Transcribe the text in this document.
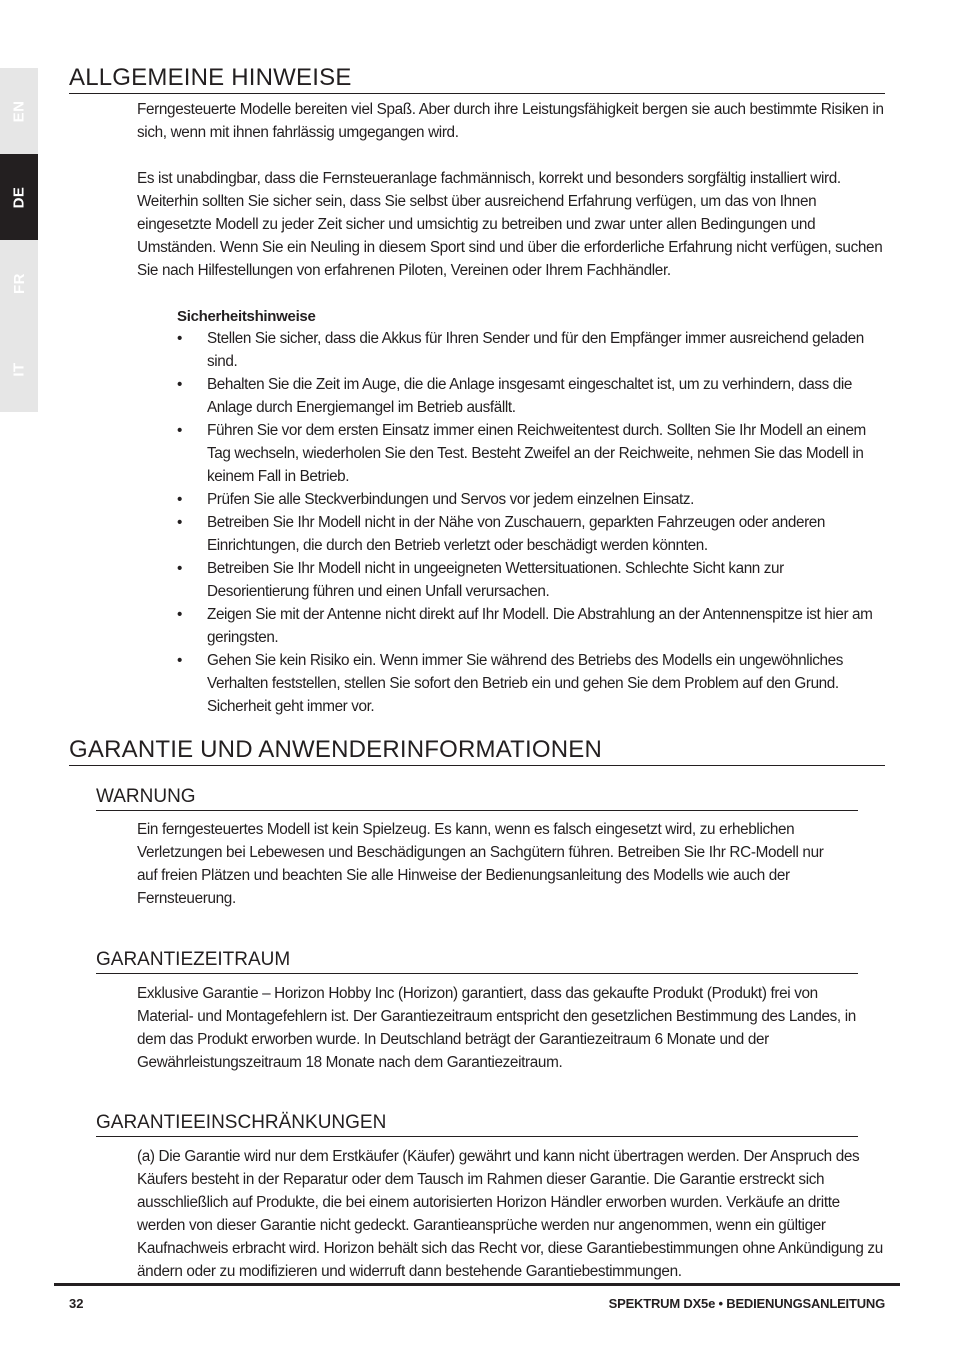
EN
DE
FR
IT
ALLGEMEINE HINWEISE

Ferngesteuerte Modelle bereiten viel Spaß. Aber durch ihre Leistungsfähigkeit bergen sie auch bestimmte Risiken in sich, wenn mit ihnen fahrlässig umgegangen wird.

Es ist unabdingbar, dass die Fernsteueranlage fachmännisch, korrekt und besonders sorgfältig installiert wird. Weiterhin sollten Sie sicher sein, dass Sie selbst über ausreichend Erfahrung verfügen, um das von Ihnen eingesetzte Modell zu jeder Zeit sicher und umsichtig zu betreiben und zwar unter allen Bedingungen und Umständen. Wenn Sie ein Neuling in diesem Sport sind und über die erforderliche Erfahrung nicht verfügen, suchen Sie nach Hilfestellungen von erfahrenen Piloten, Vereinen oder Ihrem Fachhändler.

Sicherheitshinweise
• Stellen Sie sicher, dass die Akkus für Ihren Sender und für den Empfänger immer ausreichend geladen sind.
• Behalten Sie die Zeit im Auge, die die Anlage insgesamt eingeschaltet ist, um zu verhindern, dass die Anlage durch Energiemangel im Betrieb ausfällt.
• Führen Sie vor dem ersten Einsatz immer einen Reichweitentest durch. Sollten Sie Ihr Modell an einem Tag wechseln, wiederholen Sie den Test. Besteht Zweifel an der Reichweite, nehmen Sie das Modell in keinem Fall in Betrieb.
• Prüfen Sie alle Steckverbindungen und Servos vor jedem einzelnen Einsatz.
• Betreiben Sie Ihr Modell nicht in der Nähe von Zuschauern, geparkten Fahrzeugen oder anderen Einrichtungen, die durch den Betrieb verletzt oder beschädigt werden könnten.
• Betreiben Sie Ihr Modell nicht in ungeeigneten Wettersituationen. Schlechte Sicht kann zur Desorientierung führen und einen Unfall verursachen.
• Zeigen Sie mit der Antenne nicht direkt auf Ihr Modell. Die Abstrahlung an der Antennenspitze ist hier am geringsten.
• Gehen Sie kein Risiko ein. Wenn immer Sie während des Betriebs des Modells ein ungewöhnliches Verhalten feststellen, stellen Sie sofort den Betrieb ein und gehen Sie dem Problem auf den Grund. Sicherheit geht immer vor.
GARANTIE UND ANWENDERINFORMATIONEN
WARNUNG

Ein ferngesteuertes Modell ist kein Spielzeug. Es kann, wenn es falsch eingesetzt wird, zu erheblichen Verletzungen bei Lebewesen und Beschädigungen an Sachgütern führen. Betreiben Sie Ihr RC-Modell nur auf freien Plätzen und beachten Sie alle Hinweise der Bedienungsanleitung des Modells wie auch der Fernsteuerung.

GARANTIEZEITRAUM

Exklusive Garantie – Horizon Hobby Inc (Horizon) garantiert, dass das gekaufte Produkt (Produkt) frei von Material- und Montagefehlern ist. Der Garantiezeitraum entspricht den gesetzlichen Bestimmung des Landes, in dem das Produkt erworben wurde. In Deutschland beträgt der Garantiezeitraum 6 Monate und der Gewährleistungszeitraum 18 Monate nach dem Garantiezeitraum.

GARANTIEEINSCHRÄNKUNGEN

(a) Die Garantie wird nur dem Erstkäufer (Käufer) gewährt und kann nicht übertragen werden. Der Anspruch des Käufers besteht in der Reparatur oder dem Tausch im Rahmen dieser Garantie. Die Garantie erstreckt sich ausschließlich auf Produkte, die bei einem autorisierten Horizon Händler erworben wurden. Verkäufe an dritte werden von dieser Garantie nicht gedeckt. Garantieansprüche werden nur angenommen, wenn ein gültiger Kaufnachweis erbracht wird. Horizon behält sich das Recht vor, diese Garantiebestimmungen ohne Ankündigung zu ändern oder zu modifizieren und widerruft dann bestehende Garantiebestimmungen.

32	SPEKTRUM DX5e • BEDIENUNGSANLEITUNG
